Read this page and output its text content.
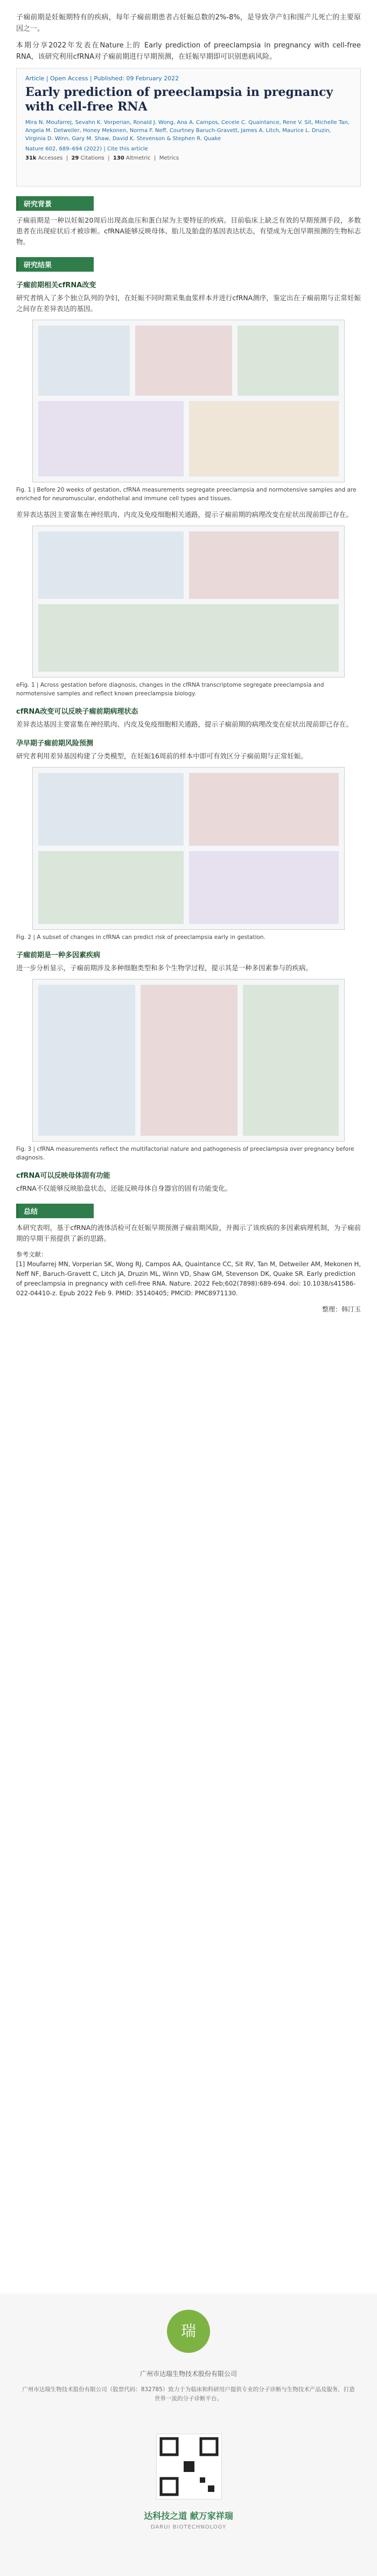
子痫前期是妊娠期特有的疾病，每年子痫前期患者占妊娠总数的2%-8%，是导致孕产妇和围产儿死亡的主要原因之一。

本期分享2022年发表在Nature上的 Early prediction of preeclampsia in pregnancy with cell-free RNA，该研究利用cfRNA对子痫前期进行早期预测，在妊娠早期即可识别患病风险。

Article | Open Access | Published: 09 February 2022
Early prediction of preeclampsia in pregnancy with cell-free RNA
Mira N. Moufarrej, Sevahn K. Vorperian, Ronald J. Wong, Ana A. Campos, Cecele C. Quaintance, Rene V. Sit, Michelle Tan, Angela M. Detweiler, Honey Mekonen, Norma F. Neff, Courtney Baruch-Gravett, James A. Litch, Maurice L. Druzin, Virginia D. Winn, Gary M. Shaw, David K. Stevenson & Stephen R. Quake
Nature 602, 689–694 (2022) | Cite this article
31k Accesses  |  29 Citations  |  130 Altmetric  |  Metrics
研究背景
子痫前期是一种以妊娠20周后出现高血压和蛋白尿为主要特征的疾病。目前临床上缺乏有效的早期预测手段，多数患者在出现症状后才被诊断。cfRNA能够反映母体、胎儿及胎盘的基因表达状态，有望成为无创早期预测的生物标志物。
研究结果
子痫前期相关cfRNA改变
研究者纳入了多个独立队列的孕妇，在妊娠不同时期采集血浆样本并进行cfRNA测序，鉴定出在子痫前期与正常妊娠之间存在差异表达的基因。
Fig. 1 | Before 20 weeks of gestation, cfRNA measurements segregate preeclampsia and normotensive samples and are enriched for neuromuscular, endothelial and immune cell types and tissues.
差异表达基因主要富集在神经肌肉、内皮及免疫细胞相关通路，提示子痫前期的病理改变在症状出现前即已存在。
eFig. 1 | Across gestation before diagnosis, changes in the cfRNA transcriptome segregate preeclampsia and normotensive samples and reflect known preeclampsia biology.
cfRNA改变可以反映子痫前期病理状态
差异表达基因主要富集在神经肌肉、内皮及免疫细胞相关通路，提示子痫前期的病理改变在症状出现前即已存在。
孕早期子痫前期风险预测
研究者利用差异基因构建了分类模型，在妊娠16周前的样本中即可有效区分子痫前期与正常妊娠。
Fig. 2 | A subset of changes in cfRNA can predict risk of preeclampsia early in gestation.
子痫前期是一种多因素疾病
进一步分析显示，子痫前期涉及多种细胞类型和多个生物学过程，提示其是一种多因素参与的疾病。
Fig. 3 | cfRNA measurements reflect the multifactorial nature and pathogenesis of preeclampsia over pregnancy before diagnosis.
cfRNA可以反映母体固有功能
cfRNA不仅能够反映胎盘状态，还能反映母体自身器官的固有功能变化。
总结
本研究表明，基于cfRNA的液体活检可在妊娠早期预测子痫前期风险，并揭示了该疾病的多因素病理机制，为子痫前期的早期干预提供了新的思路。
参考文献：
[1] Moufarrej MN, Vorperian SK, Wong RJ, Campos AA, Quaintance CC, Sit RV, Tan M, Detweiler AM, Mekonen H, Neff NF, Baruch-Gravett C, Litch JA, Druzin ML, Winn VD, Shaw GM, Stevenson DK, Quake SR. Early prediction of preeclampsia in pregnancy with cell-free RNA. Nature. 2022 Feb;602(7898):689-694. doi: 10.1038/s41586-022-04410-z. Epub 2022 Feb 9. PMID: 35140405; PMCID: PMC8971130.
整理：韩汀玉
瑞
广州市达瑞生物技术股份有限公司
广州市达瑞生物技术股份有限公司（股票代码：832785）致力于为临床和科研用户提供专业的分子诊断与生物技术产品及服务，打造世界一流的分子诊断平台。
达科技之道 献万家祥瑞
DARUI BIOTECHNOLOGY
